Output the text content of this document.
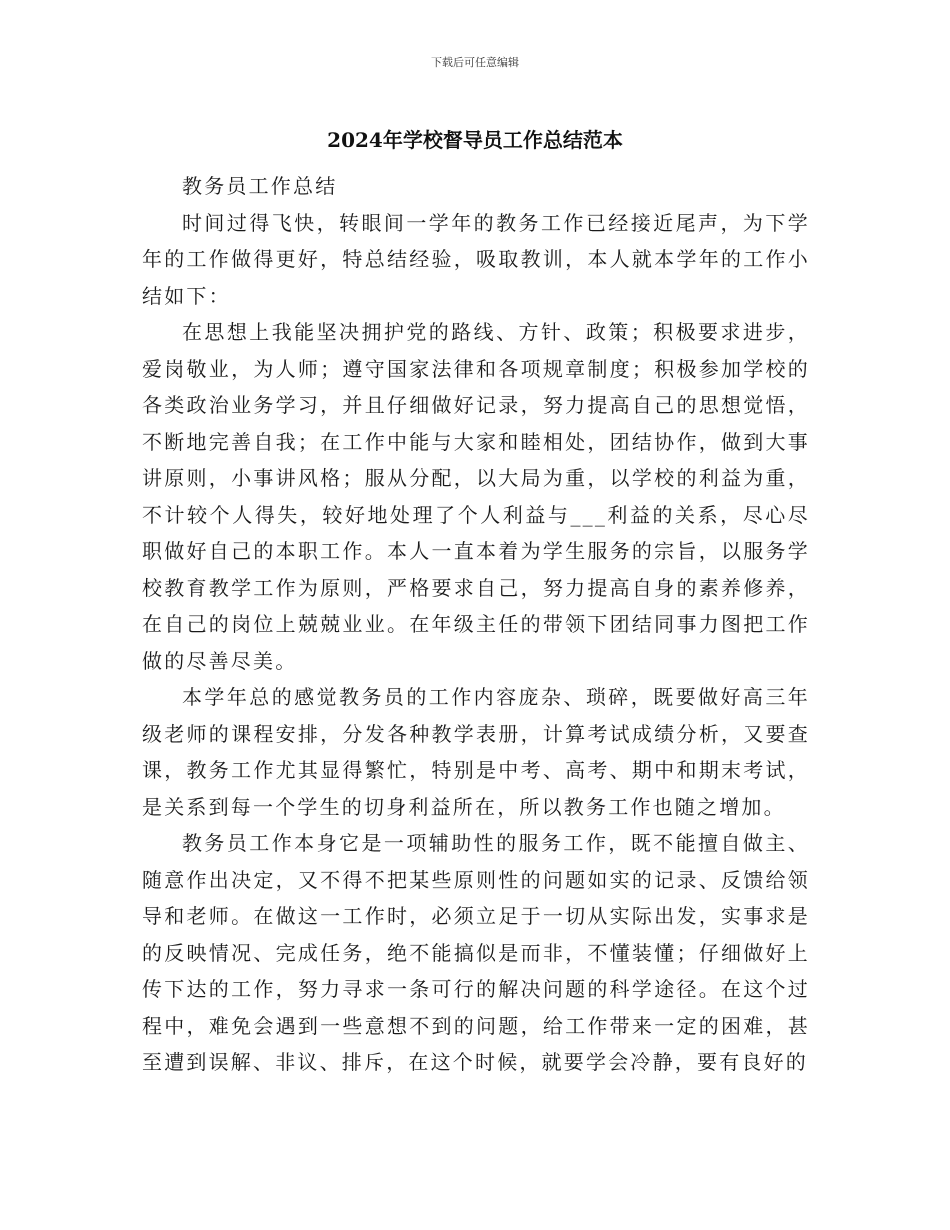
下载后可任意编辑
2024年学校督导员工作总结范本

教务员工作总结

时间过得飞快，转眼间一学年的教务工作已经接近尾声，为下学年的工作做得更好，特总结经验，吸取教训，本人就本学年的工作小结如下：

在思想上我能坚决拥护党的路线、方针、政策；积极要求进步，爱岗敬业，为人师；遵守国家法律和各项规章制度；积极参加学校的各类政治业务学习，并且仔细做好记录，努力提高自己的思想觉悟，不断地完善自我；在工作中能与大家和睦相处，团结协作，做到大事讲原则，小事讲风格；服从分配，以大局为重，以学校的利益为重，不计较个人得失，较好地处理了个人利益与___利益的关系，尽心尽职做好自己的本职工作。本人一直本着为学生服务的宗旨，以服务学校教育教学工作为原则，严格要求自己，努力提高自身的素养修养，在自己的岗位上兢兢业业。在年级主任的带领下团结同事力图把工作做的尽善尽美。

本学年总的感觉教务员的工作内容庞杂、琐碎，既要做好高三年级老师的课程安排，分发各种教学表册，计算考试成绩分析，又要查课，教务工作尤其显得繁忙，特别是中考、高考、期中和期末考试，是关系到每一个学生的切身利益所在，所以教务工作也随之增加。

教务员工作本身它是一项辅助性的服务工作，既不能擅自做主、随意作出决定，又不得不把某些原则性的问题如实的记录、反馈给领导和老师。在做这一工作时，必须立足于一切从实际出发，实事求是的反映情况、完成任务，绝不能搞似是而非，不懂装懂；仔细做好上传下达的工作，努力寻求一条可行的解决问题的科学途径。在这个过程中，难免会遇到一些意想不到的问题，给工作带来一定的困难，甚至遭到误解、非议、排斥，在这个时候，就要学会冷静，要有良好的
